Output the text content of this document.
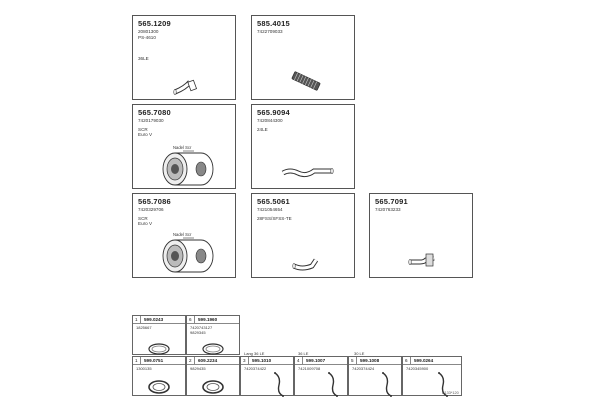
565.1209
20801300
PS-4610
36LE
585.4015
7422709033
565.7080
7420179030
SCR
Euro V
Nadel Scr
565.9094
7420844300
24LE
565.7086
7420329706
SCR
Euro V
Nadel Scr
565.5061
7421054654
28FSS/SFSS-TE
565.7091
7420763233
1 599.0243
1825667
6 599.1960
7420743127
9829345
1 599.0751
1300135
2 609.2234
9829435
Lang 36 LE
3 595.1010
7420374422
36 LE
4 599.1007
7421009708
30 LE
5 599.1008
7420374424
6 599.0264
7420345900
E133*120
